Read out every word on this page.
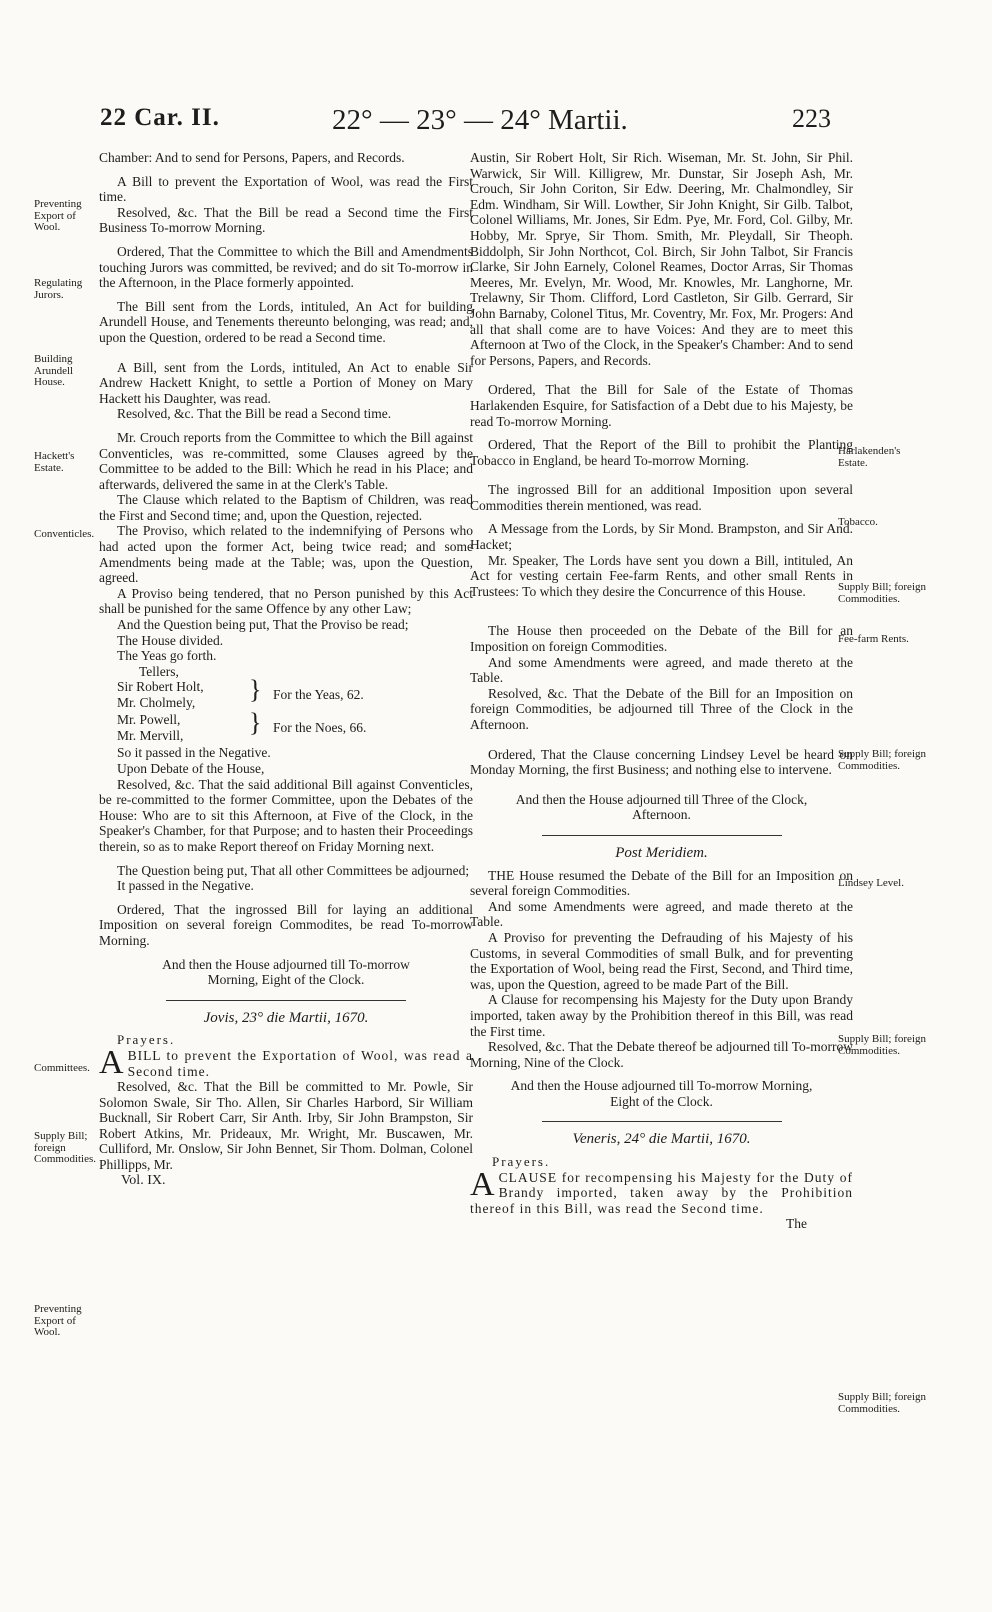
22 Car. II.	22° — 23° — 24° Martii.	223
Preventing Export of Wool.
Regulating Jurors.
Building Arundell House.
Hackett's Estate.
Conventicles.
Committees.
Supply Bill; foreign Commodities.
Preventing Export of Wool.
Harlakenden's Estate.
Tobacco.
Supply Bill; foreign Commodities.
Fee-farm Rents.
Supply Bill; foreign Commodities.
Lindsey Level.
Supply Bill; foreign Commodities.
Supply Bill; foreign Commodities.

Chamber: And to send for Persons, Papers, and Records.

A Bill to prevent the Exportation of Wool, was read the First time.

Resolved, &c. That the Bill be read a Second time the First Business To-morrow Morning.

Ordered, That the Committee to which the Bill and Amendments touching Jurors was committed, be revived; and do sit To-morrow in the Afternoon, in the Place formerly appointed.

The Bill sent from the Lords, intituled, An Act for building Arundell House, and Tenements thereunto belonging, was read; and, upon the Question, ordered to be read a Second time.

A Bill, sent from the Lords, intituled, An Act to enable Sir Andrew Hackett Knight, to settle a Portion of Money on Mary Hackett his Daughter, was read.

Resolved, &c. That the Bill be read a Second time.

Mr. Crouch reports from the Committee to which the Bill against Conventicles, was re-committed, some Clauses agreed by the Committee to be added to the Bill: Which he read in his Place; and afterwards, delivered the same in at the Clerk's Table.

The Clause which related to the Baptism of Children, was read the First and Second time; and, upon the Question, rejected.

The Proviso, which related to the indemnifying of Persons who had acted upon the former Act, being twice read; and some Amendments being made at the Table; was, upon the Question, agreed.

A Proviso being tendered, that no Person punished by this Act shall be punished for the same Offence by any other Law;

And the Question being put, That the Proviso be read;

The House divided.

The Yeas go forth.

Tellers,

Sir Robert Holt,
Mr. Cholmely, } For the Yeas, 62.
Mr. Powell,
Mr. Mervill,	} For the Noes, 66.

So it passed in the Negative.

Upon Debate of the House,

Resolved, &c. That the said additional Bill against Conventicles, be re-committed to the former Committee, upon the Debates of the House: Who are to sit this Afternoon, at Five of the Clock, in the Speaker's Chamber, for that Purpose; and to hasten their Proceedings therein, so as to make Report thereof on Friday Morning next.

The Question being put, That all other Committees be adjourned;

It passed in the Negative.

Ordered, That the ingrossed Bill for laying an additional Imposition on several foreign Commodites, be read To-morrow Morning.

And then the House adjourned till To-morrow Morning, Eight of the Clock.

Jovis, 23° die Martii, 1670.
Prayers.

ABILL to prevent the Exportation of Wool, was read a Second time.

Resolved, &c. That the Bill be committed to Mr. Powle, Sir Solomon Swale, Sir Tho. Allen, Sir Charles Harbord, Sir William Bucknall, Sir Robert Carr, Sir Anth. Irby, Sir John Brampston, Sir Robert Atkins, Mr. Prideaux, Mr. Wright, Mr. Buscawen, Mr. Culliford, Mr. Onslow, Sir John Bennet, Sir Thom. Dolman, Colonel Phillipps, Mr.

Vol. IX.

Austin, Sir Robert Holt, Sir Rich. Wiseman, Mr. St. John, Sir Phil. Warwick, Sir Will. Killigrew, Mr. Dunstar, Sir Joseph Ash, Mr. Crouch, Sir John Coriton, Sir Edw. Deering, Mr. Chalmondley, Sir Edm. Windham, Sir Will. Lowther, Sir John Knight, Sir Gilb. Talbot, Colonel Williams, Mr. Jones, Sir Edm. Pye, Mr. Ford, Col. Gilby, Mr. Hobby, Mr. Sprye, Sir Thom. Smith, Mr. Pleydall, Sir Theoph. Biddolph, Sir John Northcot, Col. Birch, Sir John Talbot, Sir Francis Clarke, Sir John Earnely, Colonel Reames, Doctor Arras, Sir Thomas Meeres, Mr. Evelyn, Mr. Wood, Mr. Knowles, Mr. Langhorne, Mr. Trelawny, Sir Thom. Clifford, Lord Castleton, Sir Gilb. Gerrard, Sir John Barnaby, Colonel Titus, Mr. Coventry, Mr. Fox, Mr. Progers: And all that shall come are to have Voices: And they are to meet this Afternoon at Two of the Clock, in the Speaker's Chamber: And to send for Persons, Papers, and Records.

Ordered, That the Bill for Sale of the Estate of Thomas Harlakenden Esquire, for Satisfaction of a Debt due to his Majesty, be read To-morrow Morning.

Ordered, That the Report of the Bill to prohibit the Planting Tobacco in England, be heard To-morrow Morning.

The ingrossed Bill for an additional Imposition upon several Commodities therein mentioned, was read.

A Message from the Lords, by Sir Mond. Brampston, and Sir And. Hacket;

Mr. Speaker, The Lords have sent you down a Bill, intituled, An Act for vesting certain Fee-farm Rents, and other small Rents in Trustees: To which they desire the Concurrence of this House.

The House then proceeded on the Debate of the Bill for an Imposition on foreign Commodities.

And some Amendments were agreed, and made thereto at the Table.

Resolved, &c. That the Debate of the Bill for an Imposition on foreign Commodities, be adjourned till Three of the Clock in the Afternoon.

Ordered, That the Clause concerning Lindsey Level be heard on Monday Morning, the first Business; and nothing else to intervene.

And then the House adjourned till Three of the Clock, Afternoon.

Post Meridiem.

THE House resumed the Debate of the Bill for an Imposition on several foreign Commodities.

And some Amendments were agreed, and made thereto at the Table.

A Proviso for preventing the Defrauding of his Majesty of his Customs, in several Commodities of small Bulk, and for preventing the Exportation of Wool, being read the First, Second, and Third time, was, upon the Question, agreed to be made Part of the Bill.

A Clause for recompensing his Majesty for the Duty upon Brandy imported, taken away by the Prohibition thereof in this Bill, was read the First time.

Resolved, &c. That the Debate thereof be adjourned till To-morrow Morning, Nine of the Clock.

And then the House adjourned till To-morrow Morning, Eight of the Clock.

Veneris, 24° die Martii, 1670.
Prayers.

ACLAUSE for recompensing his Majesty for the Duty of Brandy imported, taken away by the Prohibition thereof in this Bill, was read the Second time.

The
